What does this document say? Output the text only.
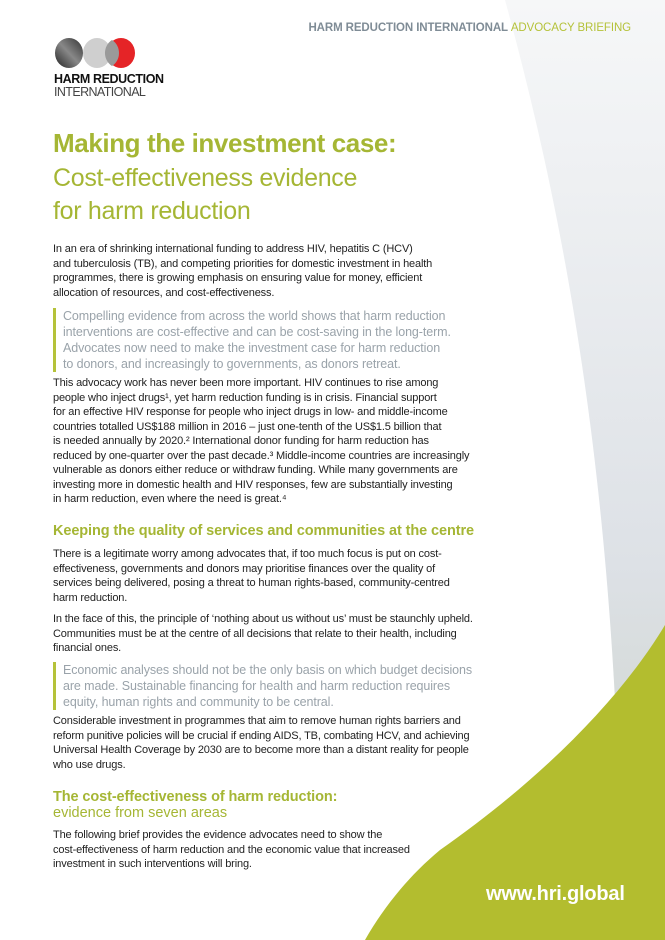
HARM REDUCTION INTERNATIONAL ADVOCACY BRIEFING
HARM REDUCTION
INTERNATIONAL
Making the investment case:
Cost-effectiveness evidence
for harm reduction
In an era of shrinking international funding to address HIV, hepatitis C (HCV)
and tuberculosis (TB), and competing priorities for domestic investment in health
programmes, there is growing emphasis on ensuring value for money, efficient
allocation of resources, and cost-effectiveness.
Compelling evidence from across the world shows that harm reduction
interventions are cost-effective and can be cost-saving in the long-term.
Advocates now need to make the investment case for harm reduction
to donors, and increasingly to governments, as donors retreat.
This advocacy work has never been more important. HIV continues to rise among
people who inject drugs¹, yet harm reduction funding is in crisis. Financial support
for an effective HIV response for people who inject drugs in low- and middle-income
countries totalled US$188 million in 2016 – just one-tenth of the US$1.5 billion that
is needed annually by 2020.² International donor funding for harm reduction has
reduced by one-quarter over the past decade.³ Middle-income countries are increasingly
vulnerable as donors either reduce or withdraw funding. While many governments are
investing more in domestic health and HIV responses, few are substantially investing
in harm reduction, even where the need is great.⁴
Keeping the quality of services and communities at the centre
There is a legitimate worry among advocates that, if too much focus is put on cost-
effectiveness, governments and donors may prioritise finances over the quality of
services being delivered, posing a threat to human rights-based, community-centred
harm reduction.
In the face of this, the principle of ‘nothing about us without us’ must be staunchly upheld.
Communities must be at the centre of all decisions that relate to their health, including
financial ones.
Economic analyses should not be the only basis on which budget decisions
are made. Sustainable financing for health and harm reduction requires
equity, human rights and community to be central.
Considerable investment in programmes that aim to remove human rights barriers and
reform punitive policies will be crucial if ending AIDS, TB, combating HCV, and achieving
Universal Health Coverage by 2030 are to become more than a distant reality for people
who use drugs.
The cost-effectiveness of harm reduction:
evidence from seven areas
The following brief provides the evidence advocates need to show the
cost-effectiveness of harm reduction and the economic value that increased
investment in such interventions will bring.
www.hri.global
